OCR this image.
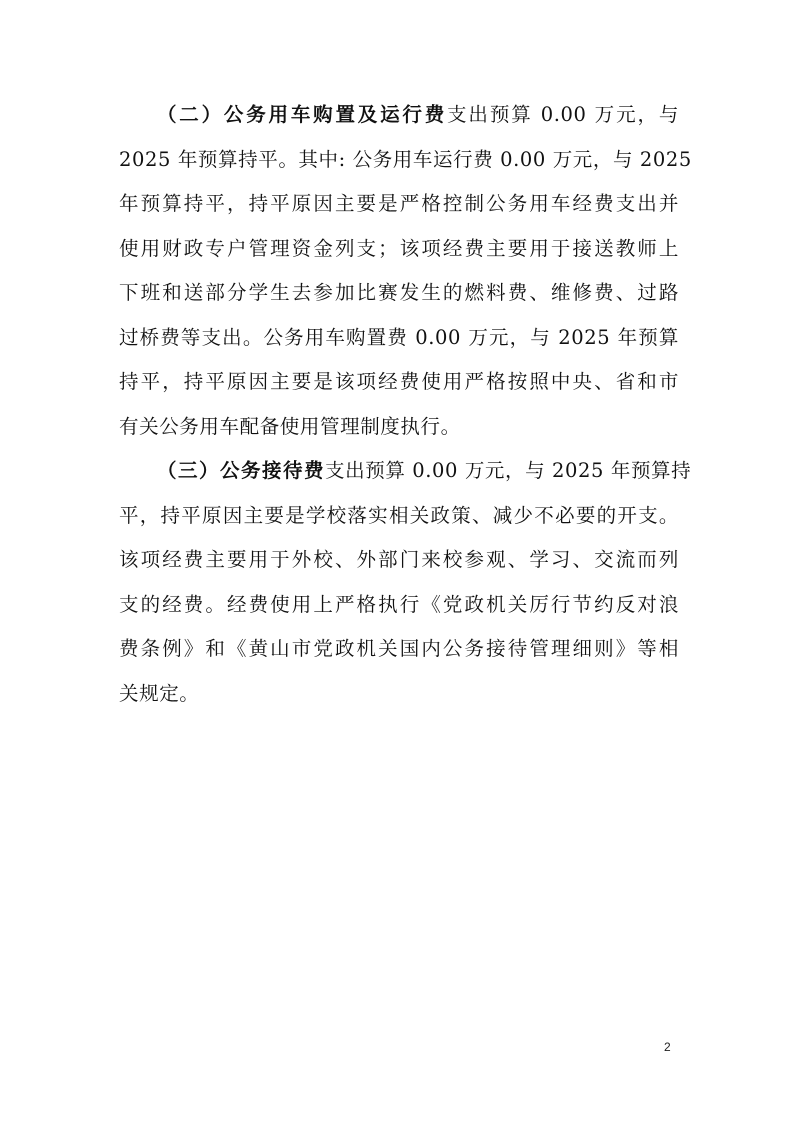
（二）公务用车购置及运行费支出预算 0.00 万元，与
2025 年预算持平。其中: 公务用车运行费 0.00 万元，与 2025
年预算持平，持平原因主要是严格控制公务用车经费支出并
使用财政专户管理资金列支；该项经费主要用于接送教师上
下班和送部分学生去参加比赛发生的燃料费、维修费、过路
过桥费等支出。公务用车购置费 0.00 万元，与 2025 年预算
持平，持平原因主要是该项经费使用严格按照中央、省和市
有关公务用车配备使用管理制度执行。
（三）公务接待费支出预算 0.00 万元，与 2025 年预算持
平，持平原因主要是学校落实相关政策、减少不必要的开支。
该项经费主要用于外校、外部门来校参观、学习、交流而列
支的经费。经费使用上严格执行《党政机关厉行节约反对浪
费条例》和《黄山市党政机关国内公务接待管理细则》等相
关规定。
2
